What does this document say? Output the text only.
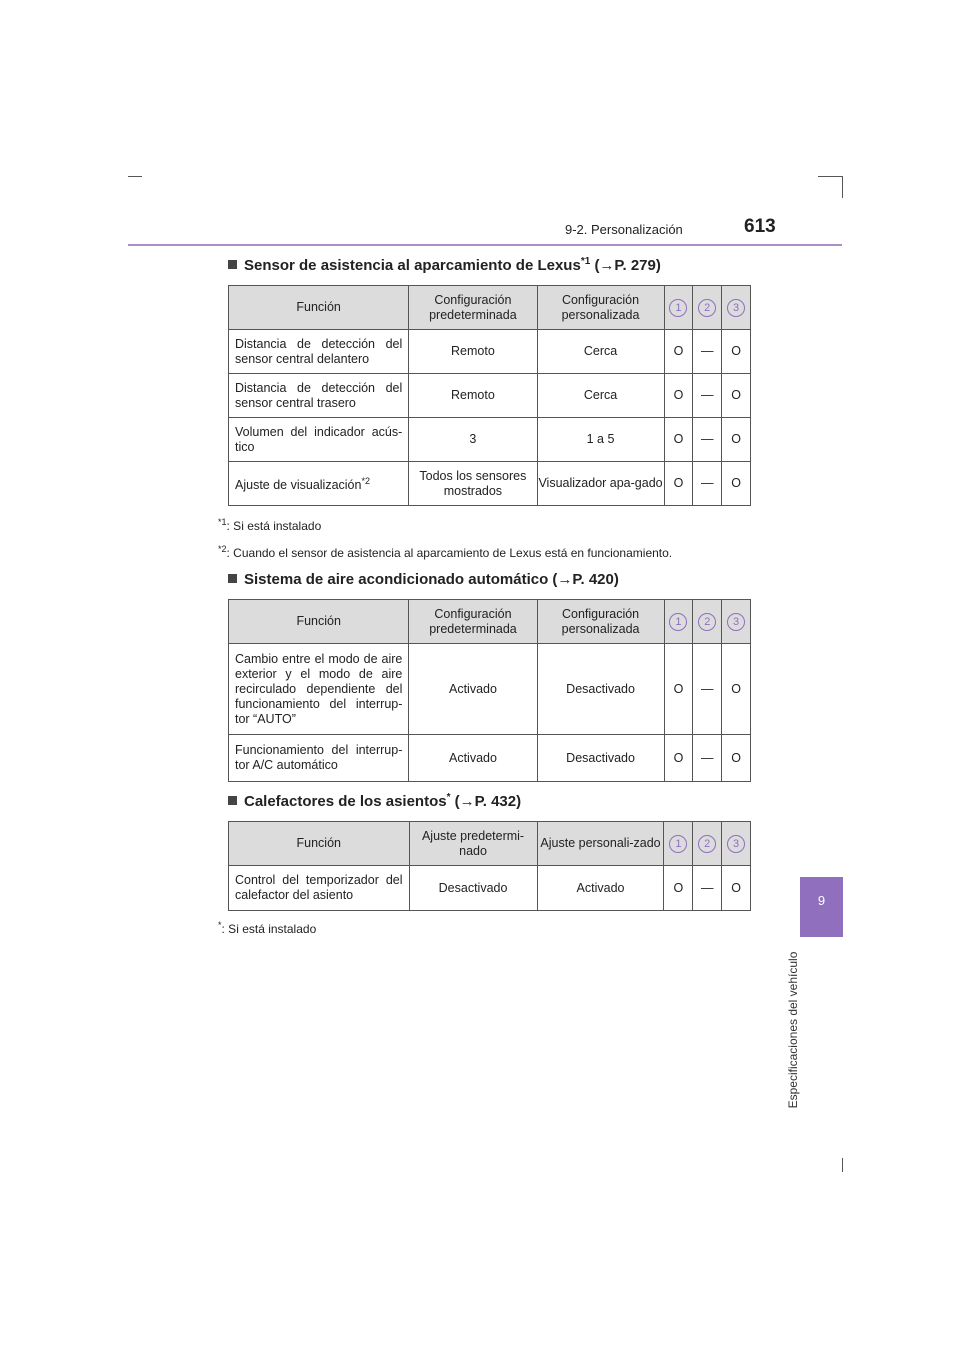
9-2. Personalización	613
9
Especificaciones del vehículo
Sensor de asistencia al aparcamiento de Lexus$^{*1}$ (→P. 279)
Función	Configuración predeterminada	Configuración personalizada	1	2	3
Distancia de detección del sensor central delantero	Remoto	Cerca	O	—	O
Distancia de detección del sensor central trasero	Remoto	Cerca	O	—	O
Volumen del indicador acús-tico	3	1 a 5	O	—	O
Ajuste de visualización$^{*2}$	Todos los sensores mostrados	Visualizador apa-gado	O	—	O
$^{*1}$: Si está instalado
$^{*2}$: Cuando el sensor de asistencia al aparcamiento de Lexus está en funcionamiento.
Sistema de aire acondicionado automático (→P. 420)
Función	Configuración predeterminada	Configuración personalizada	1	2	3
Cambio entre el modo de aire exterior y el modo de aire recirculado dependiente del funcionamiento del interrup-tor “AUTO”	Activado	Desactivado	O	—	O
Funcionamiento del interrup-tor A/C automático	Activado	Desactivado	O	—	O
Calefactores de los asientos* (→P. 432)
Función	Ajuste predetermi-nado	Ajuste personali-zado	1	2	3
Control del temporizador del calefactor del asiento	Desactivado	Activado	O	—	O
*: Si está instalado
